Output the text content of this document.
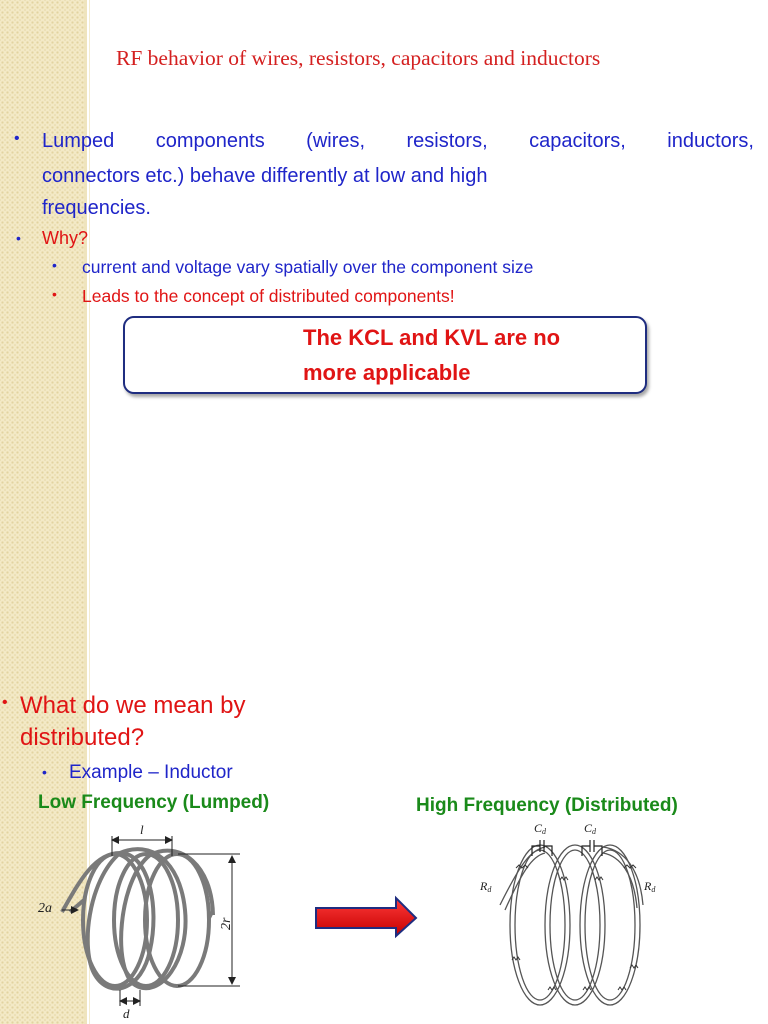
RF behavior of wires, resistors, capacitors and inductors
• Lumped components (wires, resistors, capacitors, inductors,
connectors etc.) behave differently at low and high
frequencies.
• Why?
• current and voltage vary spatially over the component size
• Leads to the concept of distributed components!
The KCL and KVL are no
more applicable
• What do we mean by
distributed?
• Example – Inductor
Low Frequency (Lumped)	High Frequency (Distributed)
l
2r
2a
d
Cd	Cd
Rd	Rd
